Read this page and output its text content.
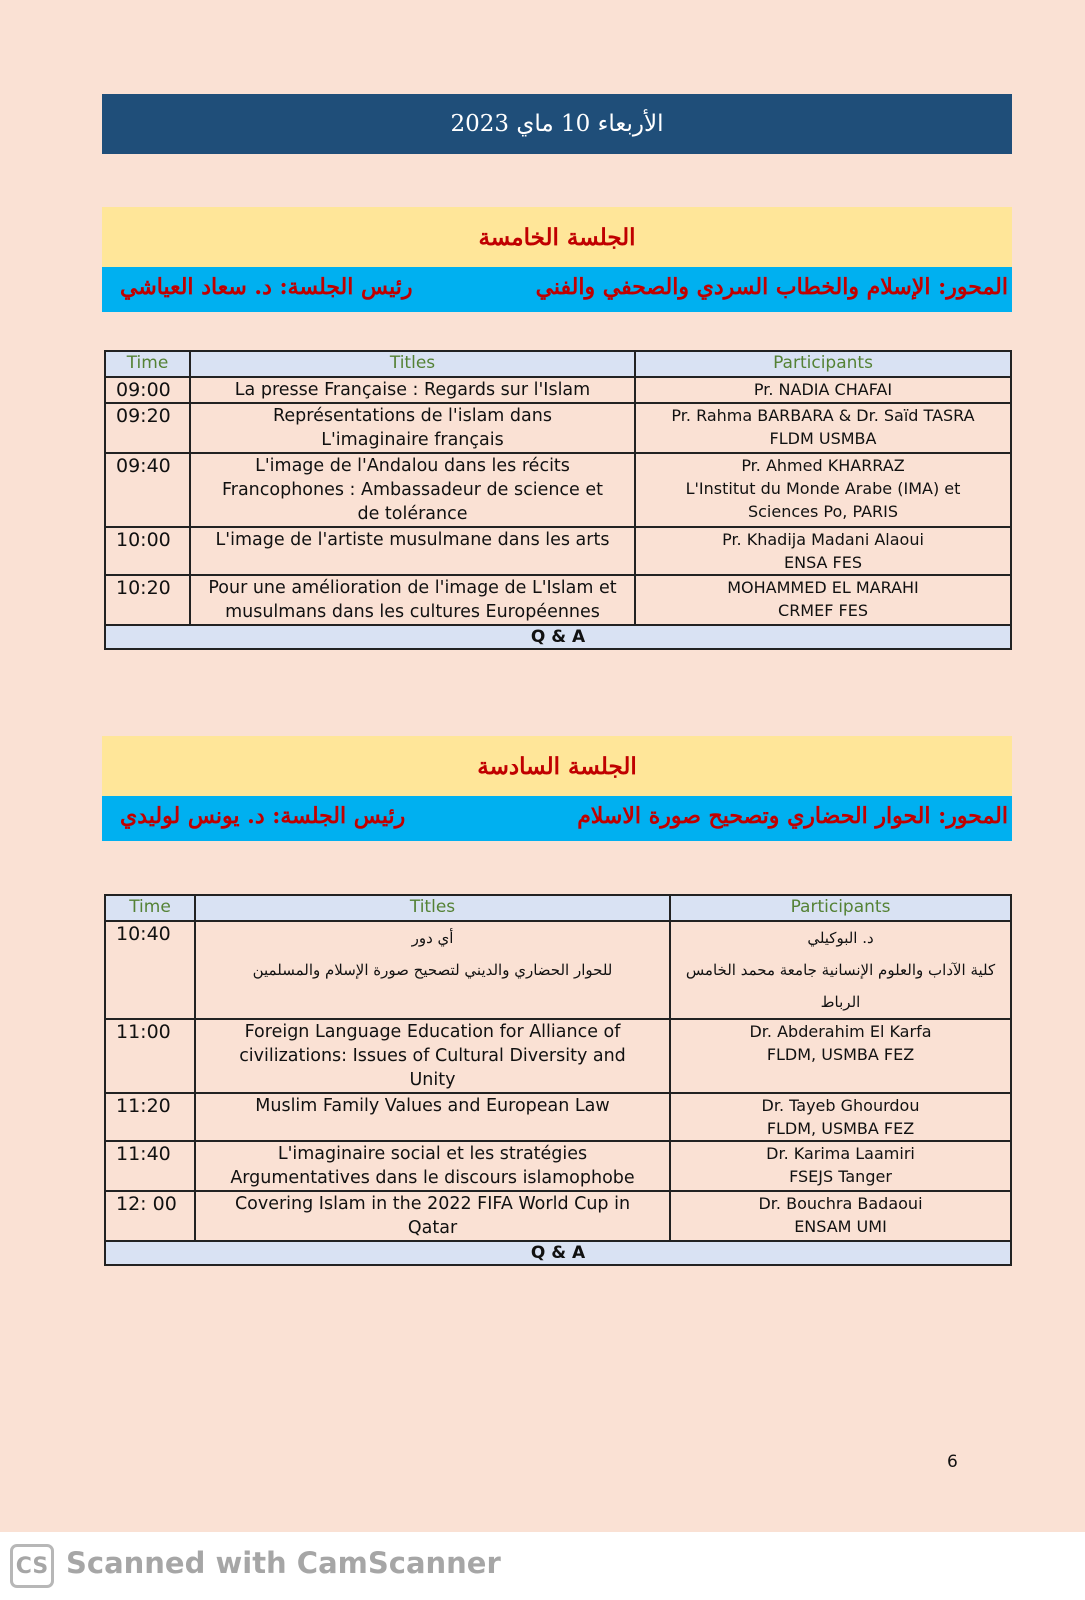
الأربعاء 10 ماي 2023
الجلسة الخامسة
المحور: الإسلام والخطاب السردي والصحفي والفني
رئيس الجلسة: د. سعاد العياشي
Time	Titles	Participants
09:00	La presse Française : Regards sur l'Islam	Pr. NADIA CHAFAI

09:20	Représentations de l'islam dans
L'imaginaire français	Pr. Rahma BARBARA & Dr. Saïd TASRA
FLDM USMBA

09:40	L'image de l'Andalou dans les récits
Francophones : Ambassadeur de science et
de tolérance	Pr. Ahmed KHARRAZ
L'Institut du Monde Arabe (IMA) et
Sciences Po, PARIS

10:00	L'image de l'artiste musulmane dans les arts	Pr. Khadija Madani Alaoui
ENSA FES

10:20	Pour une amélioration de l'image de L'Islam et
musulmans dans les cultures Européennes	MOHAMMED EL MARAHI
CRMEF FES

Q & A		
الجلسة السادسة
المحور: الحوار الحضاري وتصحيح صورة الاسلام
رئيس الجلسة: د. يونس لوليدي
Time	Titles	Participants
10:40	أي دور
للحوار الحضاري والديني لتصحيح صورة الإسلام والمسلمين	د. البوكيلي
كلية الآداب والعلوم الإنسانية جامعة محمد الخامس الرباط

11:00	Foreign Language Education for Alliance of
civilizations: Issues of Cultural Diversity and
Unity	Dr. Abderahim El Karfa
FLDM, USMBA FEZ

11:20	Muslim Family Values and European Law	Dr. Tayeb Ghourdou
FLDM, USMBA FEZ

11:40	L'imaginaire social et les stratégies
Argumentatives dans le discours islamophobe	Dr. Karima Laamiri
FSEJS Tanger

12: 00	Covering Islam in the 2022 FIFA World Cup in
Qatar	Dr. Bouchra Badaoui
ENSAM UMI

Q & A		
6
CS Scanned with CamScanner
